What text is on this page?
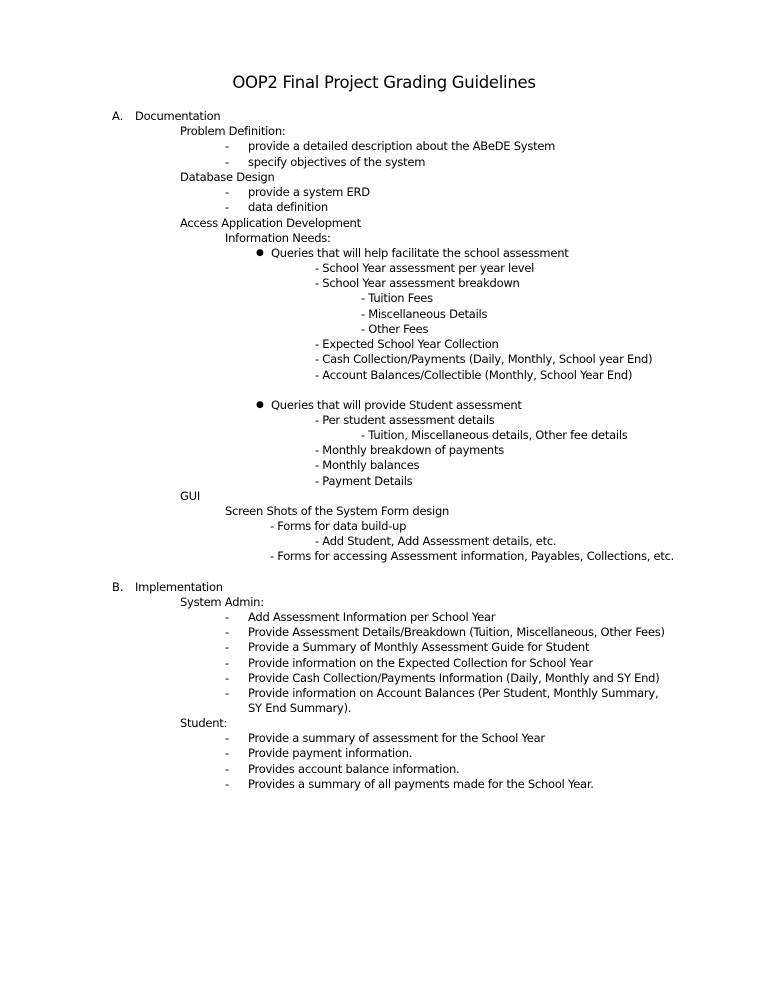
OOP2 Final Project Grading Guidelines
A. Documentation
Problem Definition:
- provide a detailed description about the ABeDE System
- specify objectives of the system
Database Design
- provide a system ERD
- data definition
Access Application Development
Information Needs:
● Queries that will help facilitate the school assessment
- School Year assessment per year level
- School Year assessment breakdown
- Tuition Fees
- Miscellaneous Details
- Other Fees
- Expected School Year Collection
- Cash Collection/Payments (Daily, Monthly, School year End)
- Account Balances/Collectible (Monthly, School Year End)
● Queries that will provide Student assessment
- Per student assessment details
- Tuition, Miscellaneous details, Other fee details
- Monthly breakdown of payments
- Monthly balances
- Payment Details
GUI
Screen Shots of the System Form design
- Forms for data build-up
- Add Student, Add Assessment details, etc.
- Forms for accessing Assessment information, Payables, Collections, etc.
B. Implementation
System Admin:
- Add Assessment Information per School Year
- Provide Assessment Details/Breakdown (Tuition, Miscellaneous, Other Fees)
- Provide a Summary of Monthly Assessment Guide for Student
- Provide information on the Expected Collection for School Year
- Provide Cash Collection/Payments Information (Daily, Monthly and SY End)
- Provide information on Account Balances (Per Student, Monthly Summary,
SY End Summary).
Student:
- Provide a summary of assessment for the School Year
- Provide payment information.
- Provides account balance information.
- Provides a summary of all payments made for the School Year.
